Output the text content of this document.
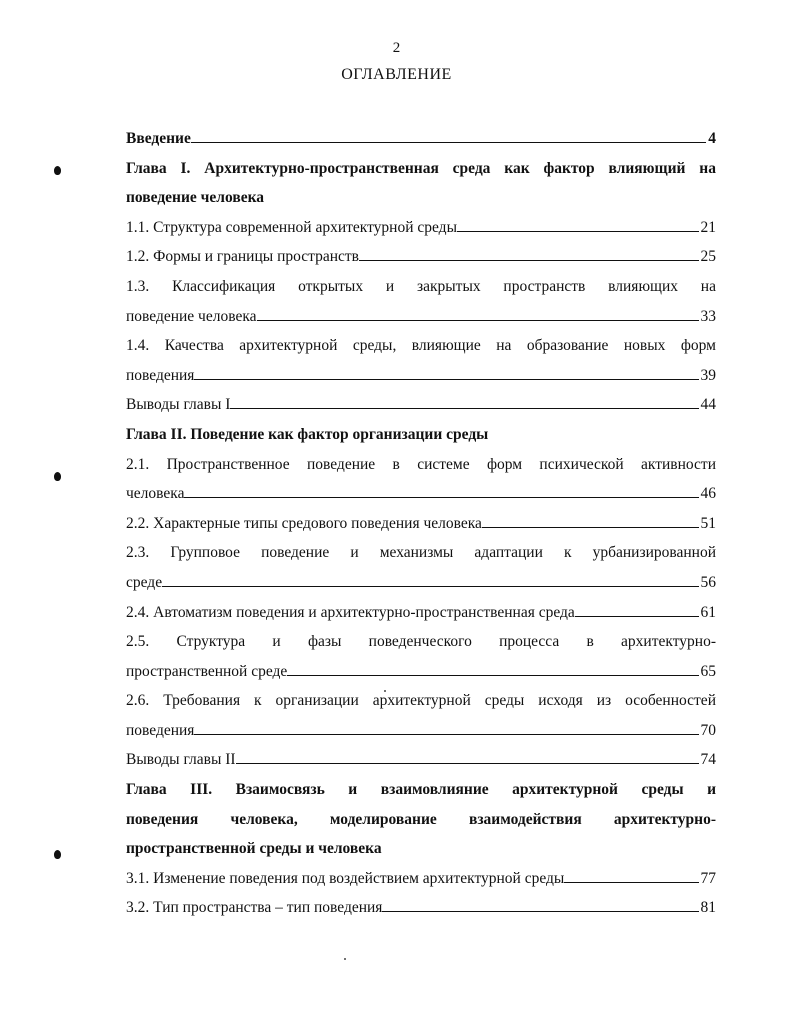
2
ОГЛАВЛЕНИЕ
Введение	4
Глава I. Архитектурно-пространственная среда как фактор влияющий на
поведение человека
1.1. Структура современной архитектурной среды	21
1.2. Формы и границы пространств	25
1.3. Классификация открытых и закрытых пространств влияющих на
поведение человека	33
1.4. Качества архитектурной среды, влияющие на образование новых форм
поведения	39
Выводы главы I	44
Глава II. Поведение как фактор организации среды
2.1. Пространственное поведение в системе форм психической активности
человека	46
2.2. Характерные типы средового поведения человека	51
2.3. Групповое поведение и механизмы адаптации к урбанизированной
среде	56
2.4. Автоматизм поведения и архитектурно-пространственная среда	61
2.5. Структура и фазы поведенческого процесса в архитектурно-
пространственной среде	65
2.6. Требования к организации архитектурной среды исходя из особенностей
поведения	70
Выводы главы II	74
Глава III. Взаимосвязь и взаимовлияние архитектурной среды и
поведения человека, моделирование взаимодействия архитектурно-
пространственной среды и человека
3.1. Изменение поведения под воздействием архитектурной среды	77
3.2. Тип пространства – тип поведения	81
